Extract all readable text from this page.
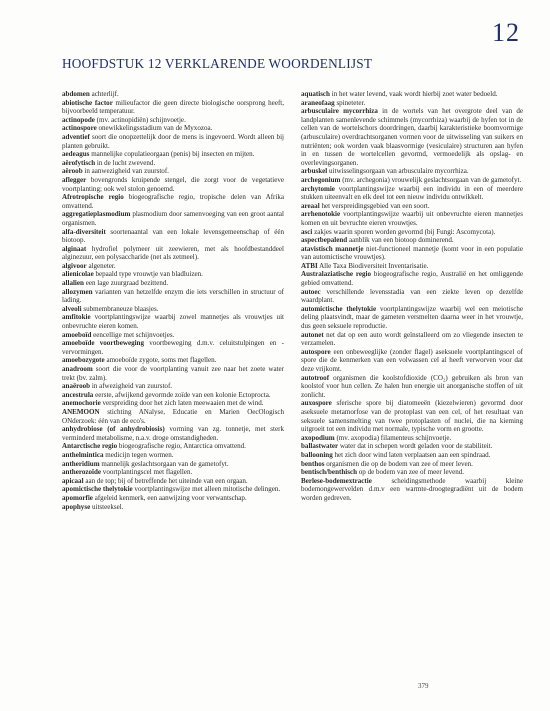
12
HOOFDSTUK 12 VERKLARENDE WOORDENLIJST

abdomen achterlijf.

abiotische factor milieufactor die geen directe biologische oorsprong heeft, bijvoorbeeld temperatuur.

actinopode (mv. actinopidiën) schijnvoetje.

actinospore onewikkelingsstadium van de Myxozoa.

adventief soort die onopzettelijk door de mens is ingevoerd. Wordt alleen bij planten gebruikt.

aedeagus mannelijke copulatieorgaan (penis) bij insecten en mijten.

aërofytisch in de lucht zwevend.

aëroob in aanwezigheid van zuurstof.

aflegger bovengronds kruipende stengel, die zorgt voor de vegetatieve voortplanting; ook wel stolon genoemd.

Afrotropische regio biogeografische regio, tropische delen van Afrika omvattend.

aggregatieplasmodium plasmodium door samenvoeging van een groot aantal organismen.

alfa-diversiteit soortenaantal van een lokale levensgemeenschap of één biotoop.

alginaat hydrofiel polymeer uit zeewieren, met als hoofdbestanddeel alginezuur, een polysaccharide (net als zetmeel).

algivoor algeneter.

alienicolae bepaald type vrouwtje van bladluizen.

allalien een lage zuurgraad bezittend.

allozymen varianten van hetzelfde enzym die iets verschillen in structuur of lading.

alveoli submembraneuze blaasjes.

amfitokie voortplantingswijze waarbij zowel mannetjes als vrouwtjes uit onbevruchte eieren komen.

amoeboïd eencellige met schijnvoetjes.

amoeboïde voortbeweging voortbeweging d.m.v. celuitstulpingen en -vervormingen.

amoebozygote amoeboïde zygote, soms met flagellen.

anadroom soort die voor de voortplanting vanuit zee naar het zoete water trekt (bv. zalm).

anaëroob in afwezigheid van zuurstof.

ancestrula eerste, afwijkend gevormde zoïde van een kolonie Ectoprocta.

anemochorie verspreiding door het zich laten meewaaien met de wind.

ANEMOON stichting ANalyse, Educatie en Marien OecOlogisch ONderzoek: één van de eco's.

anhydrobiose (of anhydrobiosis) vorming van zg. tonnetje, met sterk verminderd metabolisme, n.a.v. droge omstandigheden.

Antarctische regio biogeografische regio, Antarctica omvattend.

anthelmintica medicijn tegen wormen.

antheridium mannelijk geslachtsorgaan van de gametofyt.

antherozoïde voortplantingscel met flagellen.

apicaal aan de top; bij of betreffende het uiteinde van een orgaan.

apomictische thelytokie voortplantingswijze met alleen mitotische delingen.

apomorfie afgeleid kenmerk, een aanwijzing voor verwantschap.

apophyse uitsteeksel.

aquatisch in het water levend, vaak wordt hierbij zoet water bedoeld.

araneofaag spineteter.

arbusculaire mycorrhiza in de wortels van het overgrote deel van de landplanten samenlevende schimmels (mycorrhiza) waarbij de hyfen tot in de cellen van de wortelschors doordringen, daarbij karakteristieke boomvormige (arbusculaire) overdrachtsorganen vormen voor de uitwisseling van suikers en nutriënten; ook worden vaak blaasvormige (vesiculaire) structuren aan hyfen in en tussen de wortelcellen gevormd, vermoedelijk als opslag- en overlevingsorganen.

arbuskel uitwisselingsorgaan van arbusculaire mycorrhiza.

archegonium (mv. archegonia) vrouwelijk geslachtsorgaan van de gametofyt.

archytomie voortplantingswijze waarbij een individu in een of meerdere stukken uiteenvalt en elk deel tot een nieuw individu ontwikkelt.

areaal het verspreidingsgebied van een soort.

arrhenotokie voortplantingswijze waarbij uit onbevruchte eieren mannetjes komen en uit bevruchte eieren vrouwtjes.

asci zakjes waarin sporen worden gevormd (bij Fungi: Ascomycota).

aspectbepalend aanblik van een biotoop dominerend.

atavistisch mannetje niet-functioneel mannetje (komt voor in een populatie van automictische vrouwtjes).

ATBI Alle Taxa Biodiversiteit Inventarisatie.

Australaziatische regio biogeografische regio, Australië en het omliggende gebied omvattend.

autoec verschillende levensstadia van een ziekte leven op dezelfde waardplant.

automictische thelytokie voortplantingswijze waarbij wel een meiotische deling plaatsvindt, maar de gameten versmelten daarna weer in het vrouwtje, dus geen seksuele reproductie.

autonet net dat op een auto wordt geïnstalleerd om zo vliegende insecten te verzamelen.

autospore een onbeweeglijke (zonder flagel) aseksuele voortplantingscel of spore die de kenmerken van een volwassen cel al heeft verworven voor dat deze vrijkomt.

autotroof organismen die koolstofdioxide (CO₂) gebruiken als bron van koolstof voor hun cellen. Ze halen hun energie uit anorganische stoffen of uit zonlicht.

auxospore sferische spore bij diatomeeën (kiezelwieren) gevormd door aseksuele metamorfose van de protoplast van een cel, of het resultaat van seksuele samensmelting van twee protoplasten of nuclei, die na kieming uitgroeit tot een individu met normale, typische vorm en grootte.

axopodium (mv. axopodia) filamenteus schijnvoetje.

ballastwater water dat in schepen wordt geladen voor de stabiliteit.

ballooning het zich door wind laten verplaatsen aan een spindraad.

benthos organismen die op de bodem van zee of meer leven.

bentisch/benthisch op de bodem van zee of meer levend.

Berlese-bodemextractie	scheidingsmethode waarbij kleine bodemongewervelden d.m.v een warmte-droogtegradiënt uit de bodem worden gedreven.

379
